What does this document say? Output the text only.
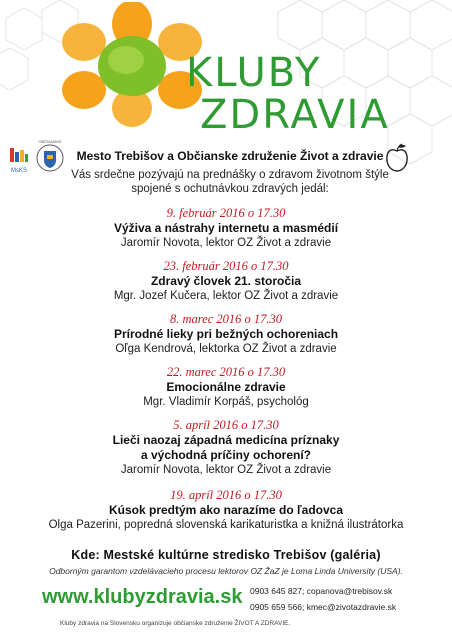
KLUBY
ZDRAVIA
MsKS
OBČIANSKE
Mesto Trebišov a Občianske združenie Život a zdravie
Vás srdečne pozývajú na prednášky o zdravom životnom štýle spojené s ochutnávkou zdravých jedál:
9. február 2016 o 17.30
Výživa a nástrahy internetu a masmédií
Jaromír Novota, lektor OZ Život a zdravie
23. február 2016 o 17.30
Zdravý človek 21. storočia
Mgr. Jozef Kučera, lektor OZ Život a zdravie
8. marec 2016 o 17.30
Prírodné lieky pri bežných ochoreniach
Oľga Kendrová, lektorka OZ Život a zdravie
22. marec 2016 o 17.30
Emocionálne zdravie
Mgr. Vladimír Korpáš, psychológ
5. apríl 2016 o 17.30
Lieči naozaj západná medicína príznaky
a východná príčiny ochorení?
Jaromír Novota, lektor OZ Život a zdravie
19. apríl 2016 o 17.30
Kúsok predtým ako narazíme do ľadovca
Olga Pazerini, popredná slovenská karikaturistka a knižná ilustrátorka
Kde: Mestské kultúrne stredisko Trebišov (galéria)
Odborným garantom vzdelávacieho procesu lektorov OZ ŽaZ je Loma Linda University (USA).
www.klubyzdravia.sk 0903 645 827; copanova@trebisov.sk
0905 659 566; kmec@zivotazdravie.sk
Kluby zdravia na Slovensku organizuje občianske združenie ŽIVOT A ZDRAVIE.
